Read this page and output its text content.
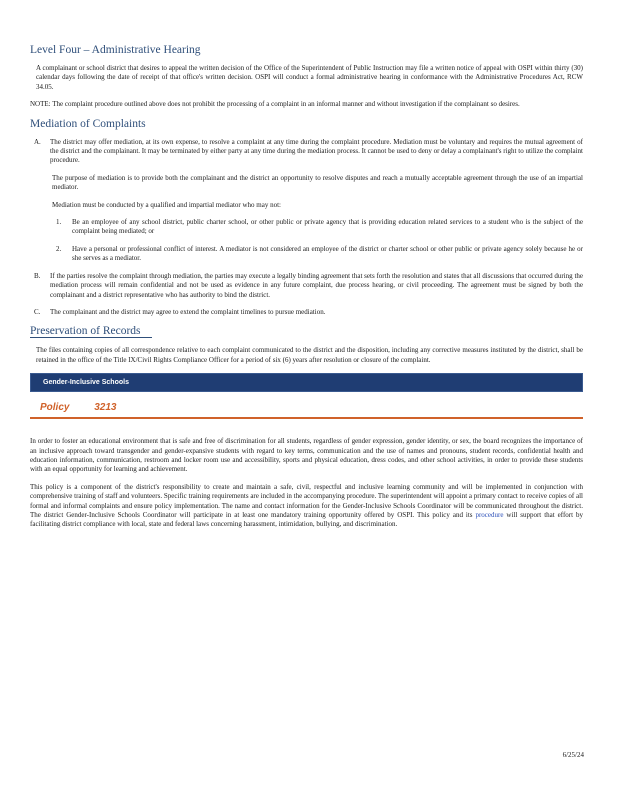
Level Four – Administrative Hearing

A complainant or school district that desires to appeal the written decision of the Office of the Superintendent of Public Instruction may file a written notice of appeal with OSPI within thirty (30) calendar days following the date of receipt of that office's written decision. OSPI will conduct a formal administrative hearing in conformance with the Administrative Procedures Act, RCW 34.05.

NOTE: The complaint procedure outlined above does not prohibit the processing of a complaint in an informal manner and without investigation if the complainant so desires.

Mediation of Complaints
A.	The district may offer mediation, at its own expense, to resolve a complaint at any time during the complaint procedure. Mediation must be voluntary and requires the mutual agreement of the district and the complainant. It may be terminated by either party at any time during the mediation process. It cannot be used to deny or delay a complainant's right to utilize the complaint procedure.

The purpose of mediation is to provide both the complainant and the district an opportunity to resolve disputes and reach a mutually acceptable agreement through the use of an impartial mediator.

Mediation must be conducted by a qualified and impartial mediator who may not:

1.	Be an employee of any school district, public charter school, or other public or private agency that is providing education related services to a student who is the subject of the complaint being mediated; or
2.	Have a personal or professional conflict of interest. A mediator is not considered an employee of the district or charter school or other public or private agency solely because he or she serves as a mediator.
B.	If the parties resolve the complaint through mediation, the parties may execute a legally binding agreement that sets forth the resolution and states that all discussions that occurred during the mediation process will remain confidential and not be used as evidence in any future complaint, due process hearing, or civil proceeding. The agreement must be signed by both the complainant and a district representative who has authority to bind the district.
C.	The complainant and the district may agree to extend the complaint timelines to pursue mediation.
Preservation of Records

The files containing copies of all correspondence relative to each complaint communicated to the district and the disposition, including any corrective measures instituted by the district, shall be retained in the office of the Title IX/Civil Rights Compliance Officer for a period of six (6) years after resolution or closure of the complaint.

Gender-Inclusive Schools
Policy 3213

In order to foster an educational environment that is safe and free of discrimination for all students, regardless of gender expression, gender identity, or sex, the board recognizes the importance of an inclusive approach toward transgender and gender-expansive students with regard to key terms, communication and the use of names and pronouns, student records, confidential health and education information, communication, restroom and locker room use and accessibility, sports and physical education, dress codes, and other school activities, in order to provide these students with an equal opportunity for learning and achievement.

This policy is a component of the district's responsibility to create and maintain a safe, civil, respectful and inclusive learning community and will be implemented in conjunction with comprehensive training of staff and volunteers. Specific training requirements are included in the accompanying procedure. The superintendent will appoint a primary contact to receive copies of all formal and informal complaints and ensure policy implementation. The name and contact information for the Gender-Inclusive Schools Coordinator will be communicated throughout the district. The district Gender-Inclusive Schools Coordinator will participate in at least one mandatory training opportunity offered by OSPI. This policy and its procedure will support that effort by facilitating district compliance with local, state and federal laws concerning harassment, intimidation, bullying, and discrimination.

6/25/24
